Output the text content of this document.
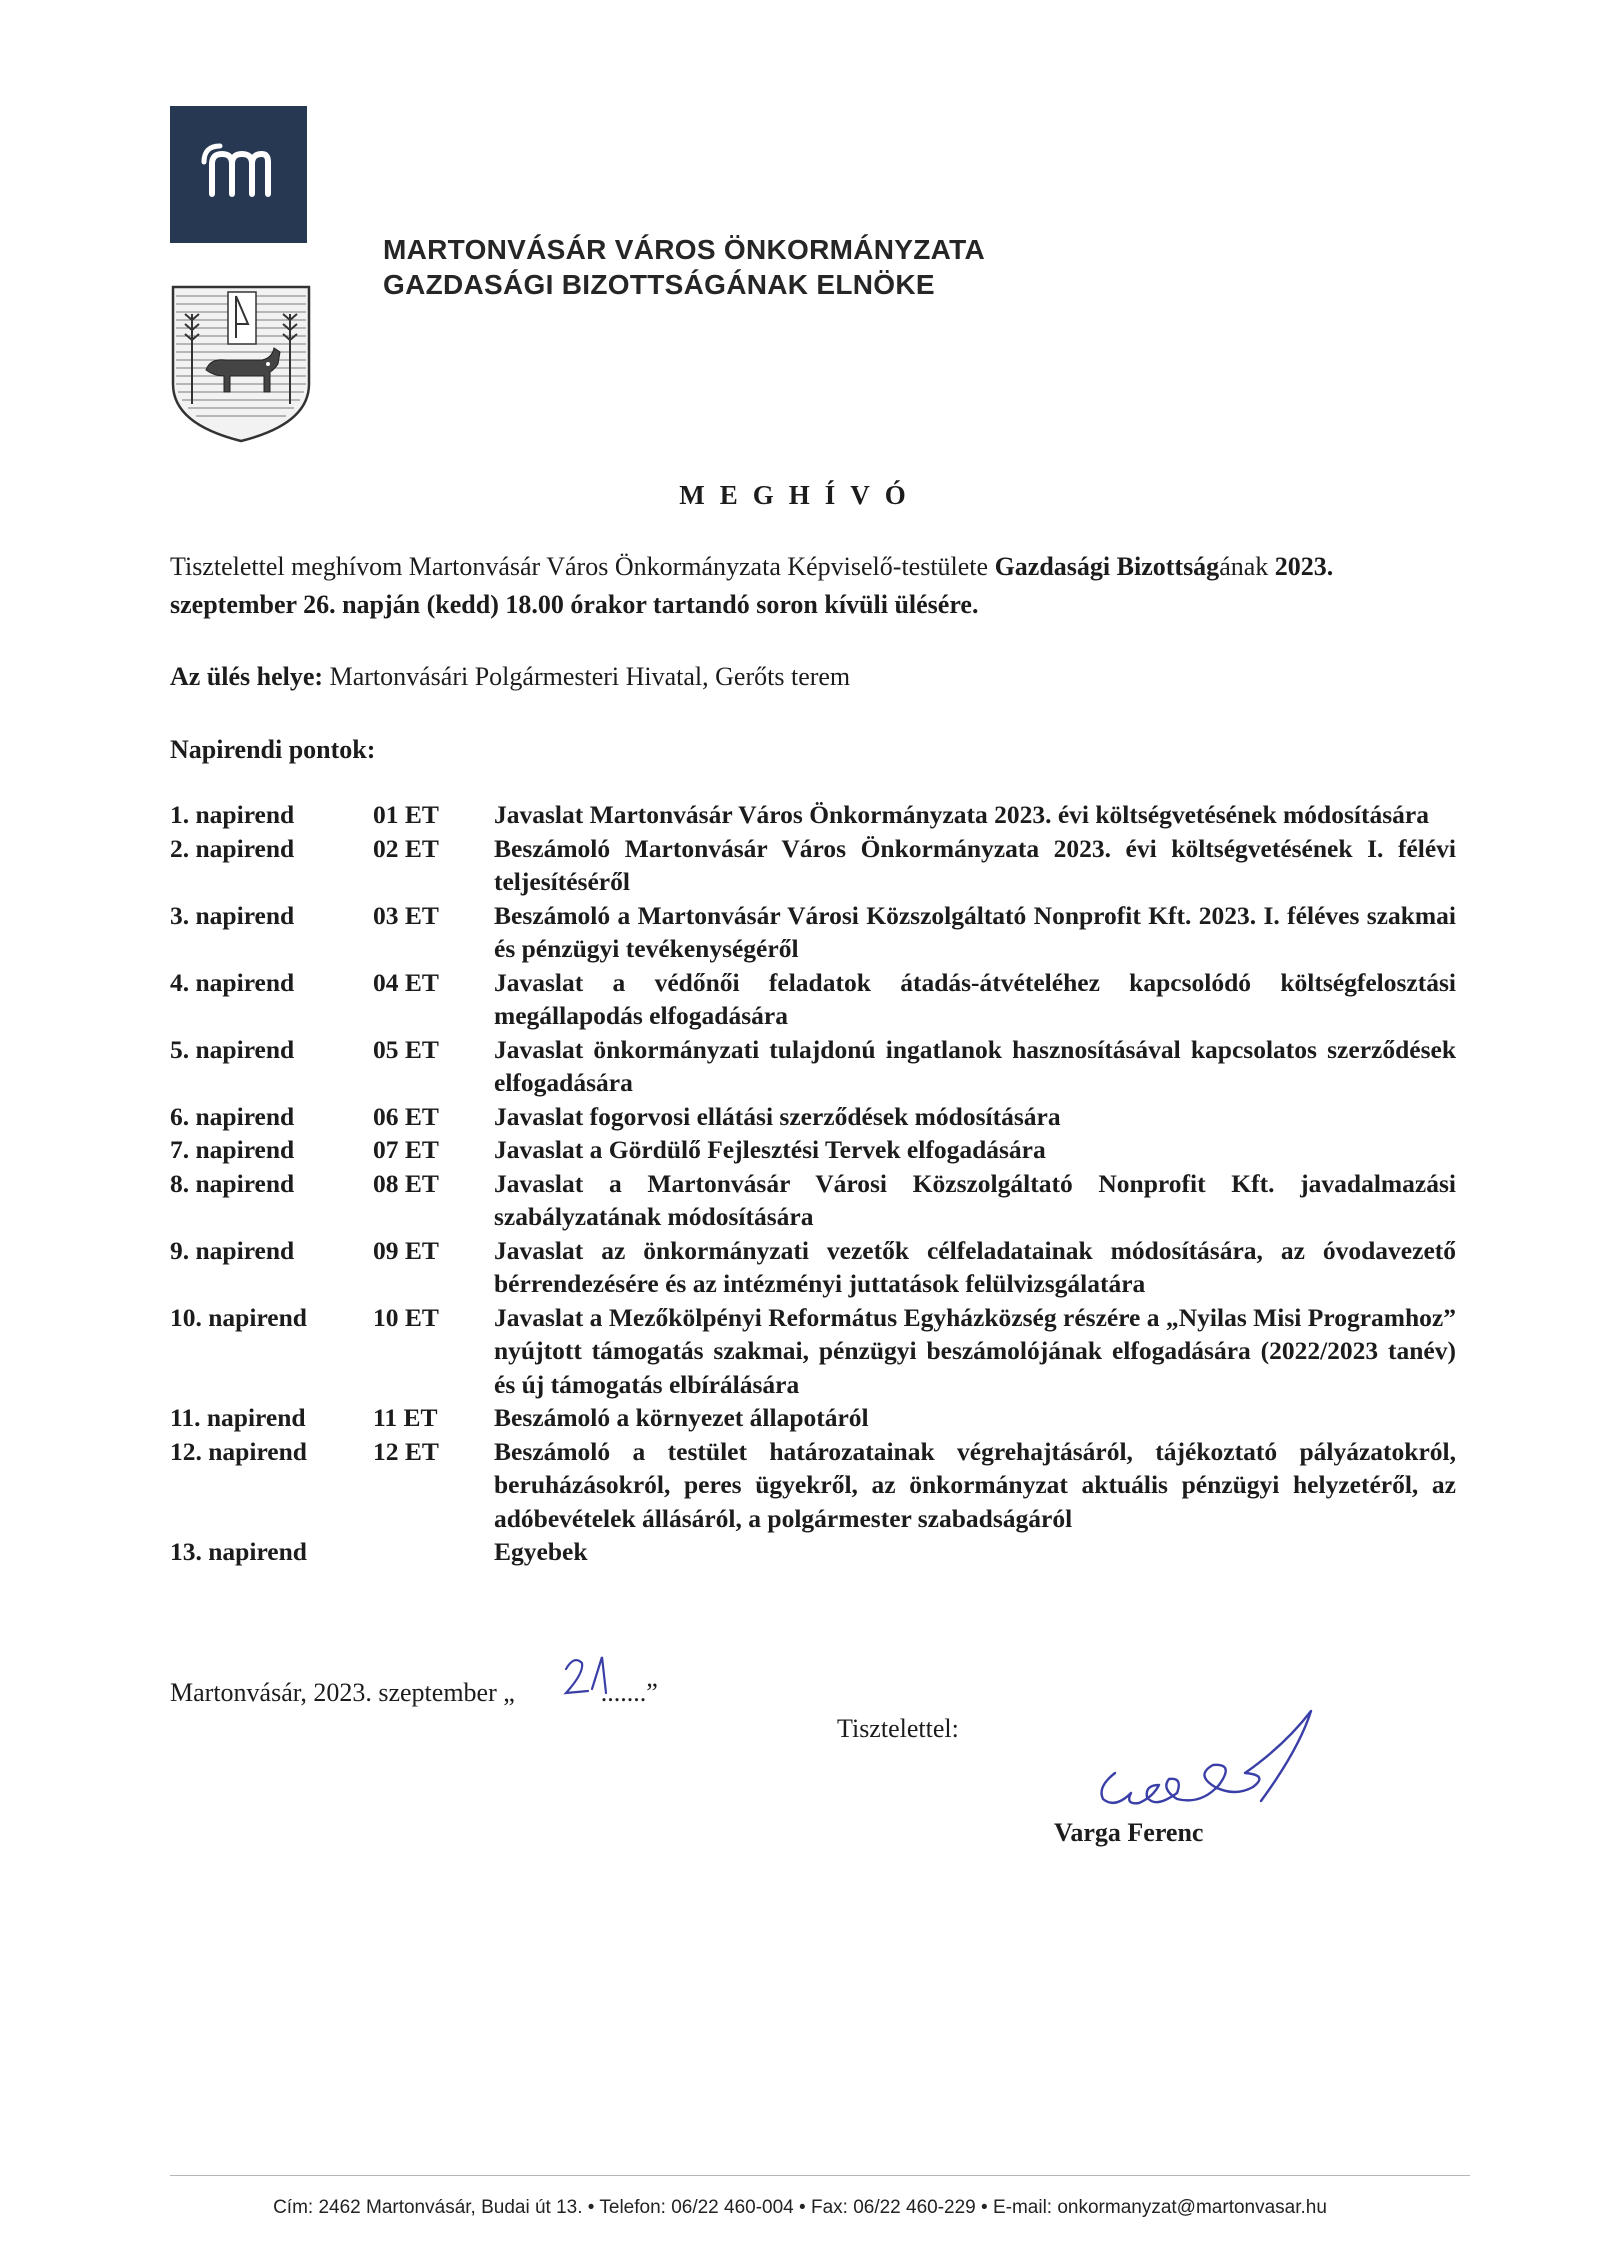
MARTONVÁSÁR VÁROS ÖNKORMÁNYZATA
GAZDASÁGI BIZOTTSÁGÁNAK ELNÖKE
MEGHÍVÓ
Tisztelettel meghívom Martonvásár Város Önkormányzata Képviselő-testülete Gazdasági Bizottságának 2023. szeptember 26. napján (kedd) 18.00 órakor tartandó soron kívüli ülésére.
Az ülés helye: Martonvásári Polgármesteri Hivatal, Gerőts terem
Napirendi pontok:
1. napirend	01 ET	Javaslat Martonvásár Város Önkormányzata 2023. évi költségvetésének módosítására
2. napirend	02 ET	Beszámoló Martonvásár Város Önkormányzata 2023. évi költségvetésének I. félévi teljesítéséről
3. napirend	03 ET	Beszámoló a Martonvásár Városi Közszolgáltató Nonprofit Kft. 2023. I. féléves szakmai és pénzügyi tevékenységéről
4. napirend	04 ET	Javaslat a védőnői feladatok átadás-átvételéhez kapcsolódó költségfelosztási megállapodás elfogadására
5. napirend	05 ET	Javaslat önkormányzati tulajdonú ingatlanok hasznosításával kapcsolatos szerződések elfogadására
6. napirend	06 ET	Javaslat fogorvosi ellátási szerződések módosítására
7. napirend	07 ET	Javaslat a Gördülő Fejlesztési Tervek elfogadására
8. napirend	08 ET	Javaslat a Martonvásár Városi Közszolgáltató Nonprofit Kft. javadalmazási szabályzatának módosítására
9. napirend	09 ET	Javaslat az önkormányzati vezetők célfeladatainak módosítására, az óvodavezető bérrendezésére és az intézményi juttatások felülvizsgálatára
10. napirend	10 ET	Javaslat a Mezőkölpényi Református Egyházközség részére a „Nyilas Misi Programhoz” nyújtott támogatás szakmai, pénzügyi beszámolójának elfogadására (2022/2023 tanév) és új támogatás elbírálására
11. napirend	11 ET	Beszámoló a környezet állapotáról
12. napirend	12 ET	Beszámoló a testület határozatainak végrehajtásáról, tájékoztató pályázatokról, beruházásokról, peres ügyekről, az önkormányzat aktuális pénzügyi helyzetéről, az adóbevételek állásáról, a polgármester szabadságáról
13. napirend		Egyebek
Martonvásár, 2023. szeptember „	.......”
Tisztelettel:
Varga Ferenc
Cím: 2462 Martonvásár, Budai út 13. • Telefon: 06/22 460-004 • Fax: 06/22 460-229 • E-mail: onkormanyzat@martonvasar.hu
